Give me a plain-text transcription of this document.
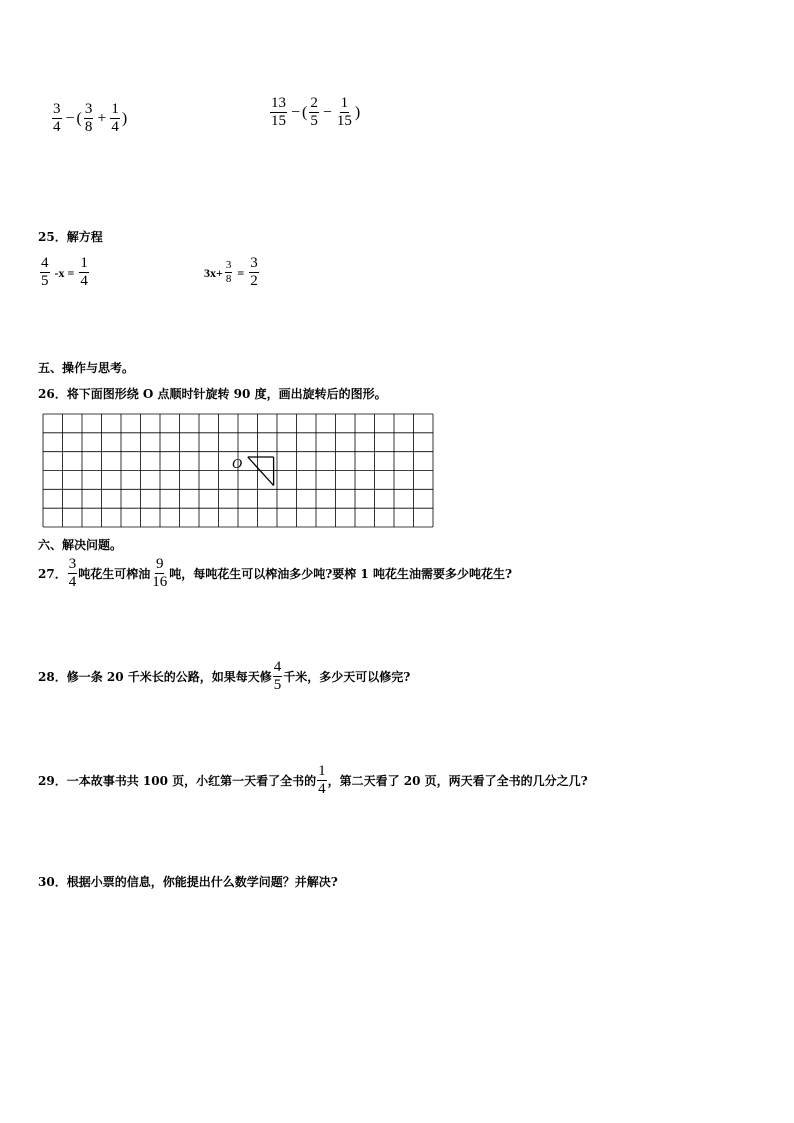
$\frac{3}{4}$ − ( $\frac{3}{8} + \frac{1}{4}$ )	$\frac{13}{15}$ − ( $\frac{2}{5} - \frac{1}{15}$ )
25．解方程
$\frac{4}{5} -x = \frac{1}{4}$	$3x+ \frac{3}{8} = \frac{3}{2}$
五、操作与思考。
26．将下面图形绕 O 点顺时针旋转 90 度，画出旋转后的图形。
O
六、解决问题。
27． $\frac{3}{4}$ 吨花生可榨油 $\frac{9}{16}$ 吨，每吨花生可以榨油多少吨?要榨 1 吨花生油需要多少吨花生?
28．修一条 20 千米长的公路，如果每天修 $\frac{4}{5}$ 千米，多少天可以修完?
29．一本故事书共 100 页，小红第一天看了全书的 $\frac{1}{4}$ ，第二天看了 20 页，两天看了全书的几分之几?
30．根据小票的信息，你能提出什么数学问题？并解决?
